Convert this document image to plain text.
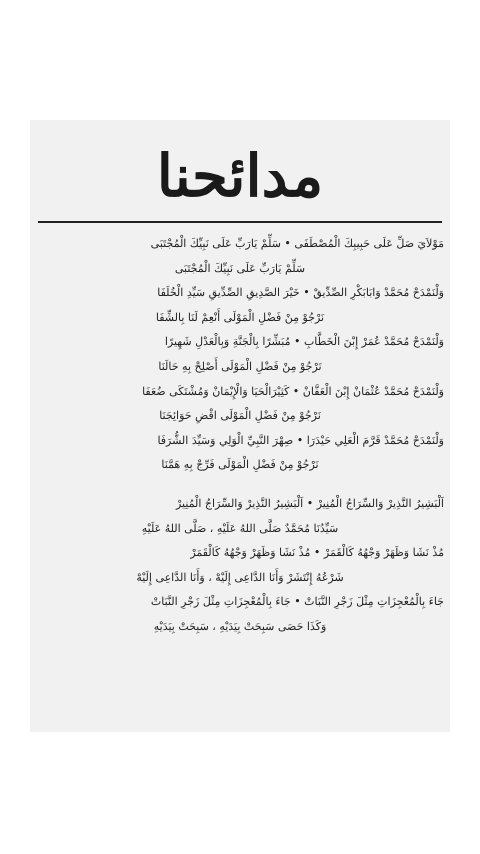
مدائحنا
مَوْلاَيَ صَلِّ عَلَى حَبِيبِكَ الْمُصْطَفَى • سَلِّمْ يَارَبِّ عَلَى نَبِيِّكَ الْمُجْتَبَى
سَلِّمْ يَارَبِّ عَلَى نَبِيِّكَ الْمُجْتَبَى
وَلْنَمْدَحْ مُحَمَّدْ وَابَابَكْرِ الصِّدِّيقْ • خَيْرَ الصَّدِيقِ الصِّدِّيقِ سَيِّدِ الْخُلَفَا
نَرْجُوْ مِنْ فَضْلِ الْمَوْلَى أَنْعِمْ لَنَا بِالشِّفَا
وَلْنَمْدَحْ مُحَمَّدْ عُمَرْ إِبْنَ الْخَطَّابِ • مُبَشِّرًا بِالْجَنَّةِ وَبِالْعَدْلِ شَهِيرًا
نَرْجُوْ مِنْ فَضْلِ الْمَوْلَى أَصْلِحْ بِهِ حَالَنَا
وَلْنَمْدَحْ مُحَمَّدْ عُثْمَانْ إِبْنَ الْعَفَّانْ • كَثِيْرَالْحَيَا وَالْإِيْمَانْ وَمُشْتَكَى ضُعَفَا
نَرْجُوْ مِنْ فَضْلِ الْمَوْلَى اقْضِ حَوَائِجَنَا
وَلْنَمْدَحْ مُحَمَّدْ قَرَّمَ الْعَلِي حَيْدَرَا • صِهْرَ النَّبِيِّ الْوَلِي وَسَيِّدَ الشُّرَفَا
نَرْجُوْ مِنْ فَضْلِ الْمَوْلَى فَرِّجْ بِهِ هَمَّنَا
اَلْبَشِيرُ النَّذِيرْ وَالسِّرَاجُ الْمُنِيرْ • اَلْبَشِيرُ النَّذِيرْ وَالسِّرَاجُ الْمُنِيرْ
سَيِّدُنَا مُحَمَّدٌ صَلَّى اللهُ عَلَيْهِ ، صَلَّى اللهُ عَلَيْهِ
مُذْ نَشَا وَظَهَرْ وَجْهُهُ كَالْقَمَرْ • مُذْ نَشَا وَظَهَرْ وَجْهُهُ كَالْقَمَرْ
شَرْعُهُ إِنْتَشَرْ وَأَنَا الدَّاعِى إِلَيْهْ ، وَأَنَا الدَّاعِى إِلَيْهْ
جَاءَ بِالْمُعْجِزَاتِ مِثْلَ زَجْرِ النَّبَاتْ • جَاءَ بِالْمُعْجِزَاتِ مِثْلَ زَجْرِ النَّبَاتْ
وَكَذَا حَصَى سَبِحَتْ بِيَدَيْهِ ، سَبِحَتْ بِيَدَيْهِ
